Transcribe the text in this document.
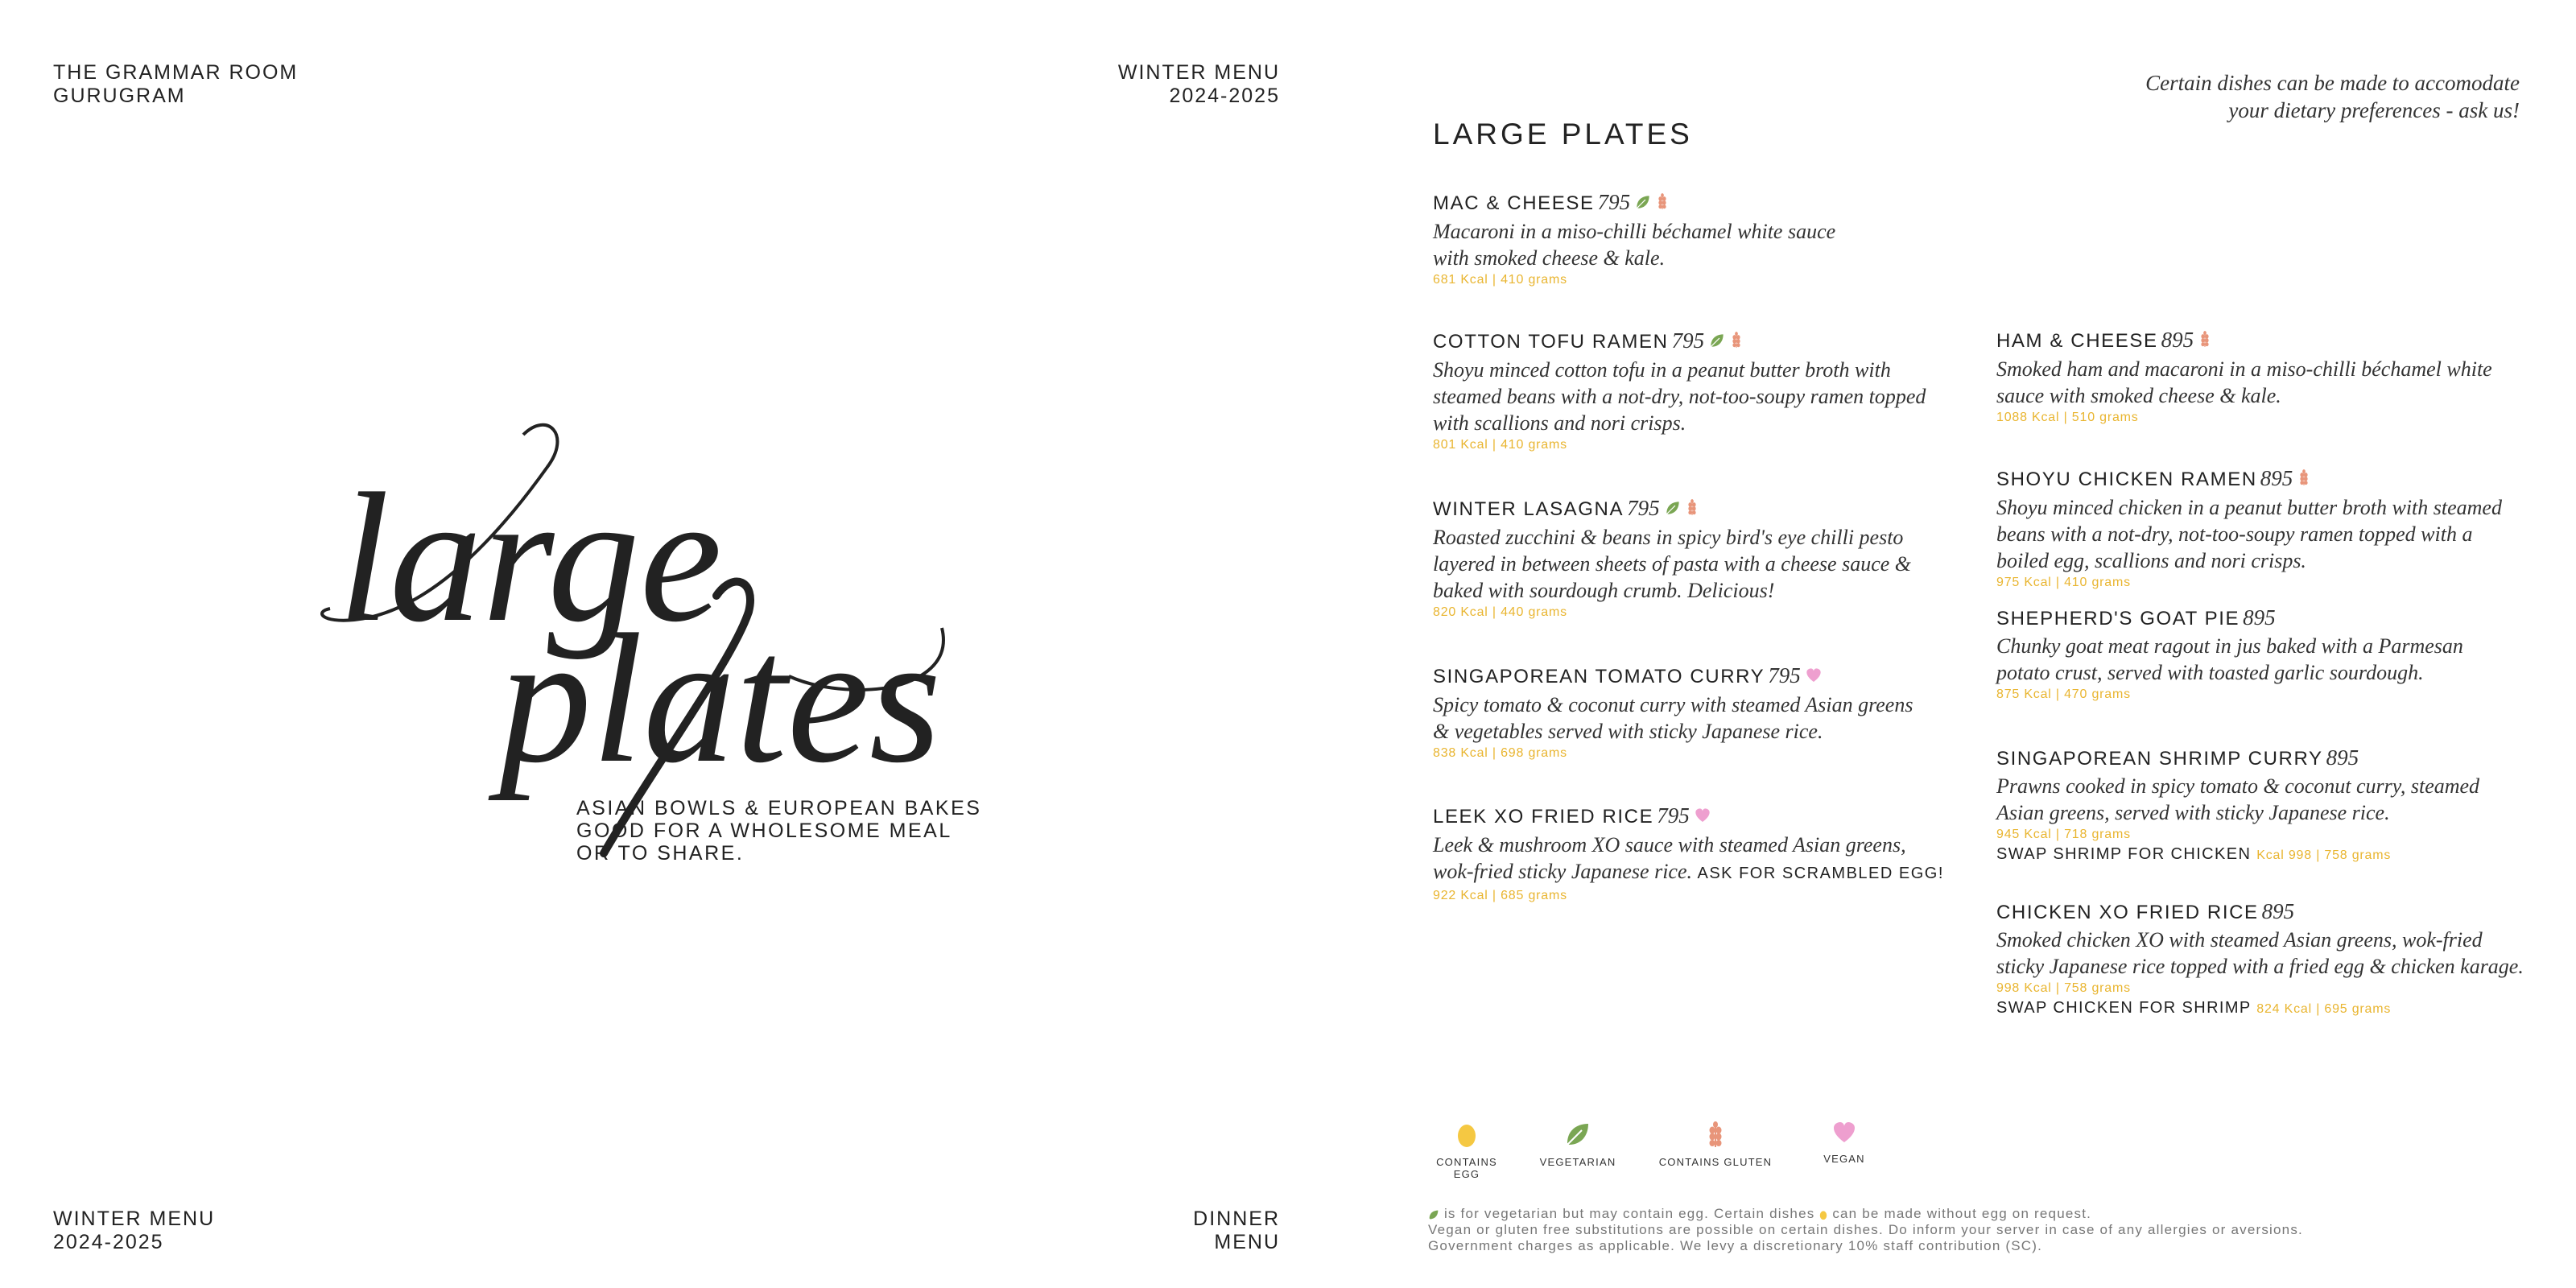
THE GRAMMAR ROOM
GURUGRAM
WINTER MENU
2024-2025
large
plates
ASIAN BOWLS & EUROPEAN BAKES
GOOD FOR A WHOLESOME MEAL
OR TO SHARE.
WINTER MENU
2024-2025
DINNER
MENU
LARGE PLATES
Certain dishes can be made to accomodate
your dietary preferences - ask us!
MAC & CHEESE 795
Macaroni in a miso-chilli béchamel white sauce
with smoked cheese & kale.
681 Kcal | 410 grams
COTTON TOFU RAMEN 795
Shoyu minced cotton tofu in a peanut butter broth with
steamed beans with a not-dry, not-too-soupy ramen topped
with scallions and nori crisps.
801 Kcal | 410 grams
WINTER LASAGNA 795
Roasted zucchini & beans in spicy bird's eye chilli pesto
layered in between sheets of pasta with a cheese sauce &
baked with sourdough crumb. Delicious!
820 Kcal | 440 grams
SINGAPOREAN TOMATO CURRY 795
Spicy tomato & coconut curry with steamed Asian greens
& vegetables served with sticky Japanese rice.
838 Kcal | 698 grams
LEEK XO FRIED RICE 795
Leek & mushroom XO sauce with steamed Asian greens,
wok-fried sticky Japanese rice. ASK FOR SCRAMBLED EGG!
922 Kcal | 685 grams
HAM & CHEESE 895
Smoked ham and macaroni in a miso-chilli béchamel white
sauce with smoked cheese & kale.
1088 Kcal | 510 grams
SHOYU CHICKEN RAMEN 895
Shoyu minced chicken in a peanut butter broth with steamed
beans with a not-dry, not-too-soupy ramen topped with a
boiled egg, scallions and nori crisps.
975 Kcal | 410 grams
SHEPHERD'S GOAT PIE 895
Chunky goat meat ragout in jus baked with a Parmesan
potato crust, served with toasted garlic sourdough.
875 Kcal | 470 grams
SINGAPOREAN SHRIMP CURRY 895
Prawns cooked in spicy tomato & coconut curry, steamed
Asian greens, served with sticky Japanese rice.
945 Kcal | 718 grams
SWAP SHRIMP FOR CHICKEN Kcal 998 | 758 grams
CHICKEN XO FRIED RICE 895
Smoked chicken XO with steamed Asian greens, wok-fried
sticky Japanese rice topped with a fried egg & chicken karage.
998 Kcal | 758 grams
SWAP CHICKEN FOR SHRIMP 824 Kcal | 695 grams
CONTAINS EGG
VEGETARIAN	CONTAINS GLUTEN	VEGAN
is for vegetarian but may contain egg. Certain dishes can be made without egg on request.
Vegan or gluten free substitutions are possible on certain dishes. Do inform your server in case of any allergies or aversions.
Government charges as applicable. We levy a discretionary 10% staff contribution (SC).
